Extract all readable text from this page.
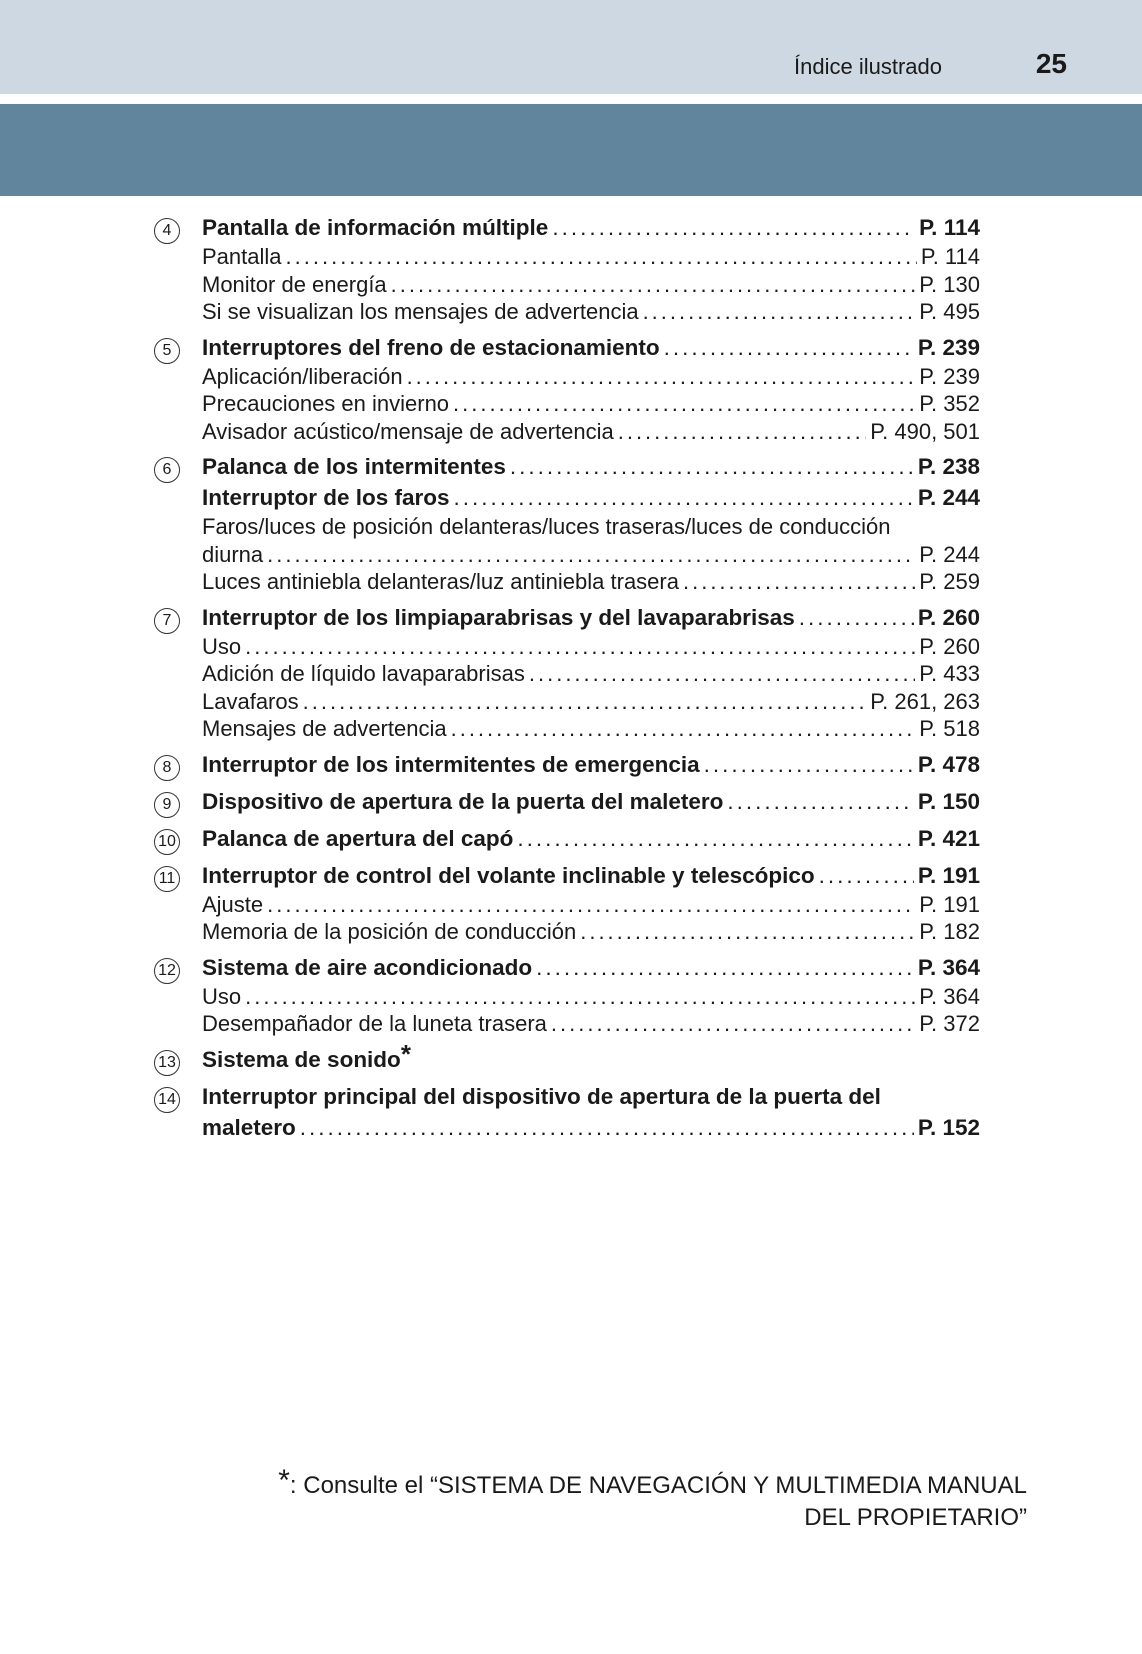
Índice ilustrado	25
4	Pantalla de información múltiple .....	P. 114
Pantalla .....	P. 114
Monitor de energía .....	P. 130
Si se visualizan los mensajes de advertencia .....	P. 495
5	Interruptores del freno de estacionamiento .....	P. 239
Aplicación/liberación .....	P. 239
Precauciones en invierno .....	P. 352
Avisador acústico/mensaje de advertencia .....	P. 490, 501
6	Palanca de los intermitentes .....	P. 238
Interruptor de los faros .....	P. 244
Faros/luces de posición delanteras/luces traseras/luces de conducción
diurna .....	P. 244
Luces antiniebla delanteras/luz antiniebla trasera .....	P. 259
7	Interruptor de los limpiaparabrisas y del lavaparabrisas .....	P. 260
Uso .....	P. 260
Adición de líquido lavaparabrisas .....	P. 433
Lavafaros .....	P. 261, 263
Mensajes de advertencia .....	P. 518
8	Interruptor de los intermitentes de emergencia .....	P. 478
9	Dispositivo de apertura de la puerta del maletero .....	P. 150
10 Palanca de apertura del capó .....	P. 421
11 Interruptor de control del volante inclinable y telescópico .....	P. 191
Ajuste .....	P. 191
Memoria de la posición de conducción .....	P. 182
12 Sistema de aire acondicionado .....	P. 364
Uso .....	P. 364
Desempañador de la luneta trasera .....	P. 372
13 Sistema de sonido*
14 Interruptor principal del dispositivo de apertura de la puerta del
maletero .....	P. 152
*: Consulte el “SISTEMA DE NAVEGACIÓN Y MULTIMEDIA MANUAL
DEL PROPIETARIO”
